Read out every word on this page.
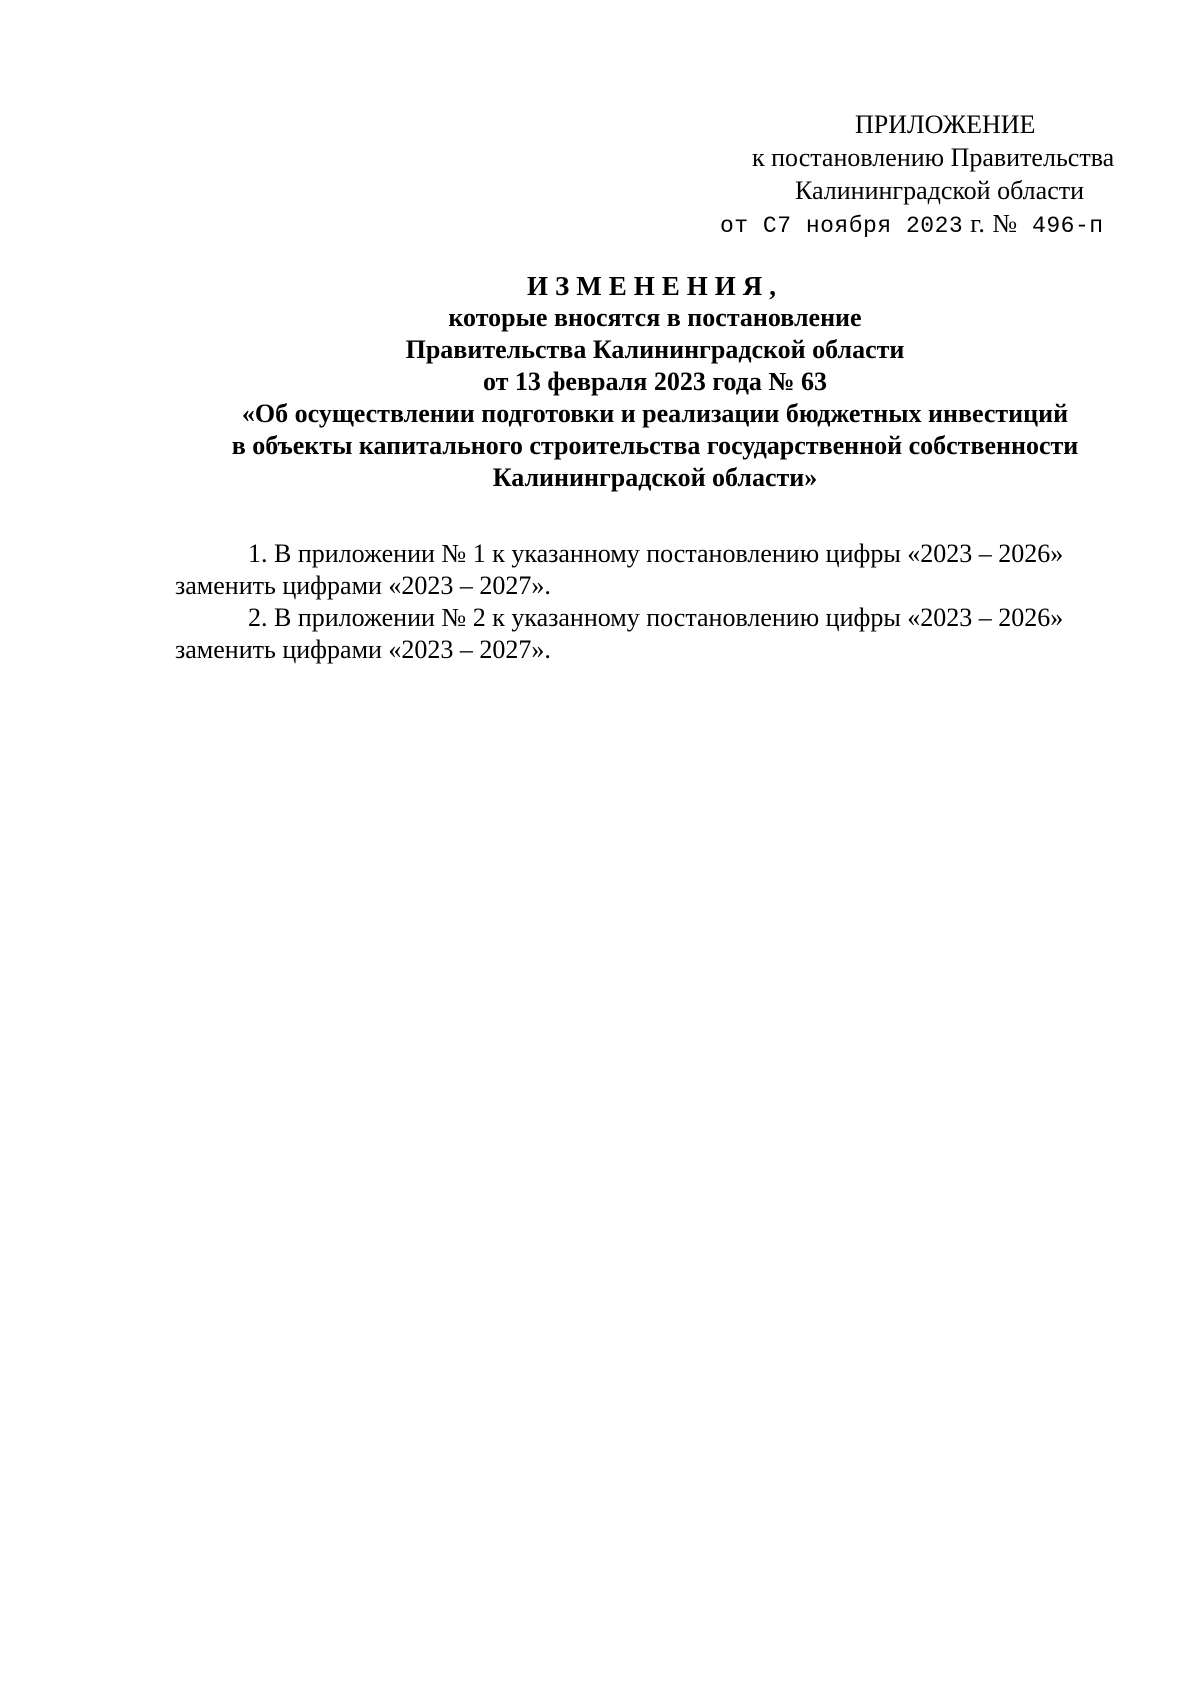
ПРИЛОЖЕНИЕ
к постановлению Правительства
Калининградской области
от С7 ноября 2023 г. № 496-п
ИЗМЕНЕНИЯ,
которые вносятся в постановление
Правительства Калининградской области
от 13 февраля 2023 года № 63
«Об осуществлении подготовки и реализации бюджетных инвестиций
в объекты капитального строительства государственной собственности
Калининградской области»

1. В приложении № 1 к указанному постановлению цифры «2023 – 2026»

заменить цифрами «2023 – 2027».

2. В приложении № 2 к указанному постановлению цифры «2023 – 2026»

заменить цифрами «2023 – 2027».
